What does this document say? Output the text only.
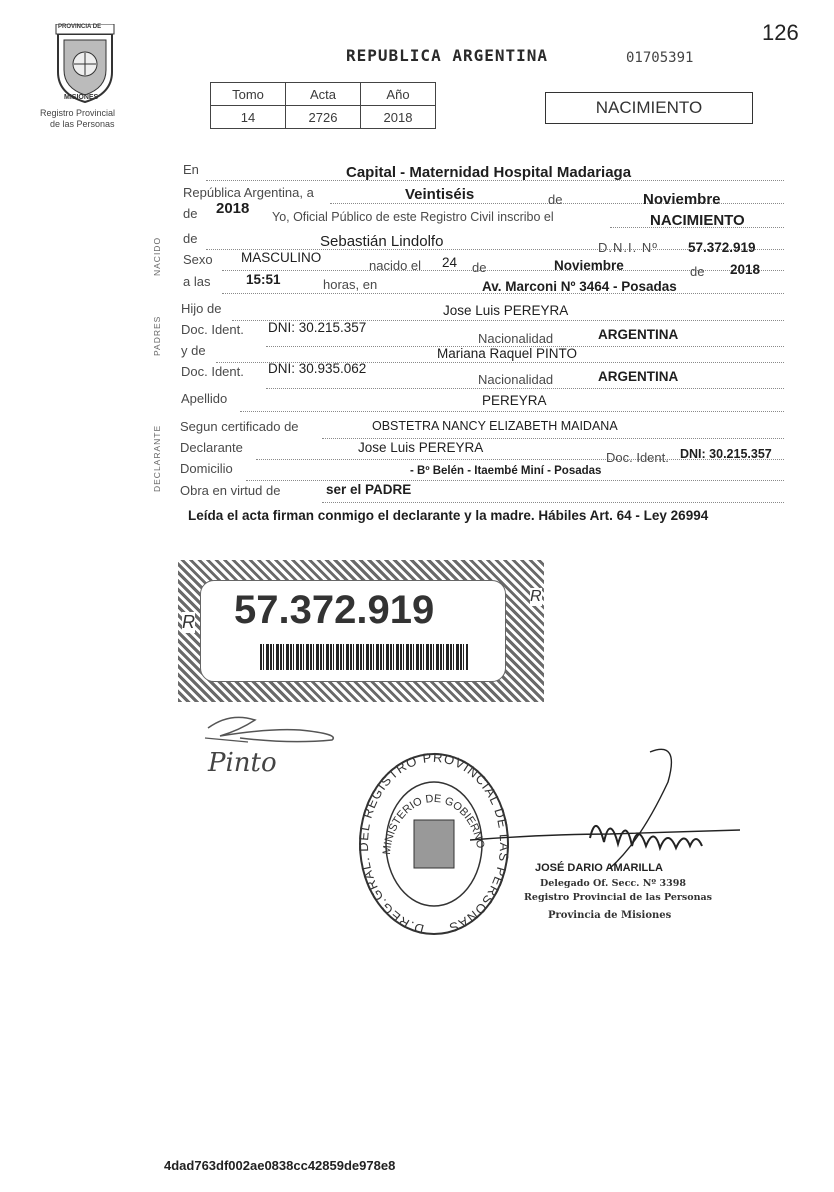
PROVINCIA DE
MISIONES
Registro Provincial
de las Personas
126
REPUBLICA ARGENTINA	01705391
Tomo	Acta	Año
14	2726	2018	NACIMIENTO
NACIDO
PADRES
DECLARANTE
En	Capital - Maternidad Hospital Madariaga
República Argentina, a	Veintiséis	de	Noviembre
de 2018 Yo, Oficial Público de este Registro Civil inscribo el	NACIMIENTO
de	Sebastián Lindolfo	D.N.I. Nº 57.372.919
Sexo MASCULINO
nacido el 24 de	Noviembre	de 2018
a las	15:51	horas, en	Av. Marconi Nº 3464 - Posadas
Hijo de	Jose Luis PEREYRA
Doc. Ident. DNI: 30.215.357
Nacionalidad	ARGENTINA
y de	Mariana Raquel PINTO
Doc. Ident. DNI: 30.935.062
Nacionalidad	ARGENTINA
Apellido	PEREYRA
Segun certificado de	OBSTETRA NANCY ELIZABETH MAIDANA
Declarante	Jose Luis PEREYRA
Doc. Ident. DNI: 30.215.357
Domicilio	- Bº Belén - Itaembé Miní - Posadas
Obra en virtud de	ser el PADRE
Leída el acta firman conmigo el declarante y la madre. Hábiles Art. 64 - Ley 26994
57.372.919
R
R
Pinto
D.REG.GRAL. DEL REGISTRO PROVINCIAL DE LAS PERSONAS
MINISTERIO DE GOBIERNO
JOSÉ DARIO AMARILLA
Delegado Of. Secc. Nº 3398
Registro Provincial de las Personas
Provincia de Misiones
4dad763df002ae0838cc42859de978e8
